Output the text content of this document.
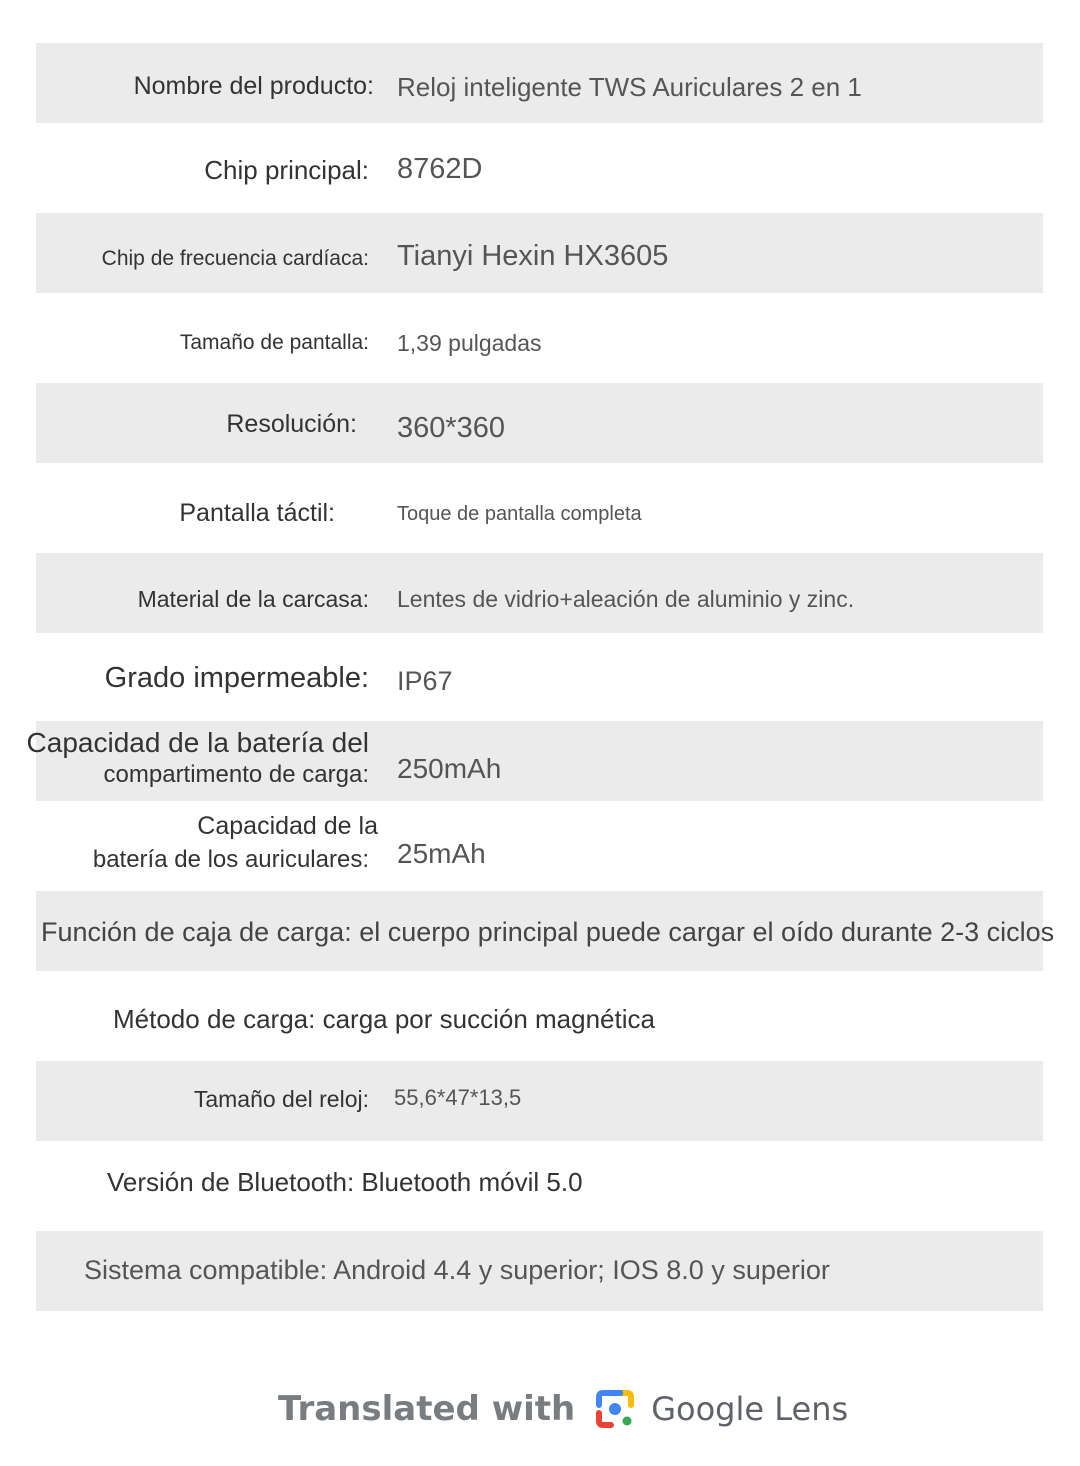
Nombre del producto: Reloj inteligente TWS Auriculares 2 en 1
Chip principal: 8762D
Chip de frecuencia cardíaca: Tianyi Hexin HX3605
Tamaño de pantalla: 1,39 pulgadas
Resolución: 360*360
Pantalla táctil:	Toque de pantalla completa
Material de la carcasa: Lentes de vidrio+aleación de aluminio y zinc.
Grado impermeable: IP67
Capacidad de la batería del
compartimento de carga: 250mAh
Capacidad de la
batería de los auriculares: 25mAh
Función de caja de carga: el cuerpo principal puede cargar el oído durante 2-3 ciclos
Método de carga: carga por succión magnética
Tamaño del reloj: 55,6*47*13,5
Versión de Bluetooth: Bluetooth móvil 5.0
Sistema compatible: Android 4.4 y superior; IOS 8.0 y superior
Translated with Google Lens
